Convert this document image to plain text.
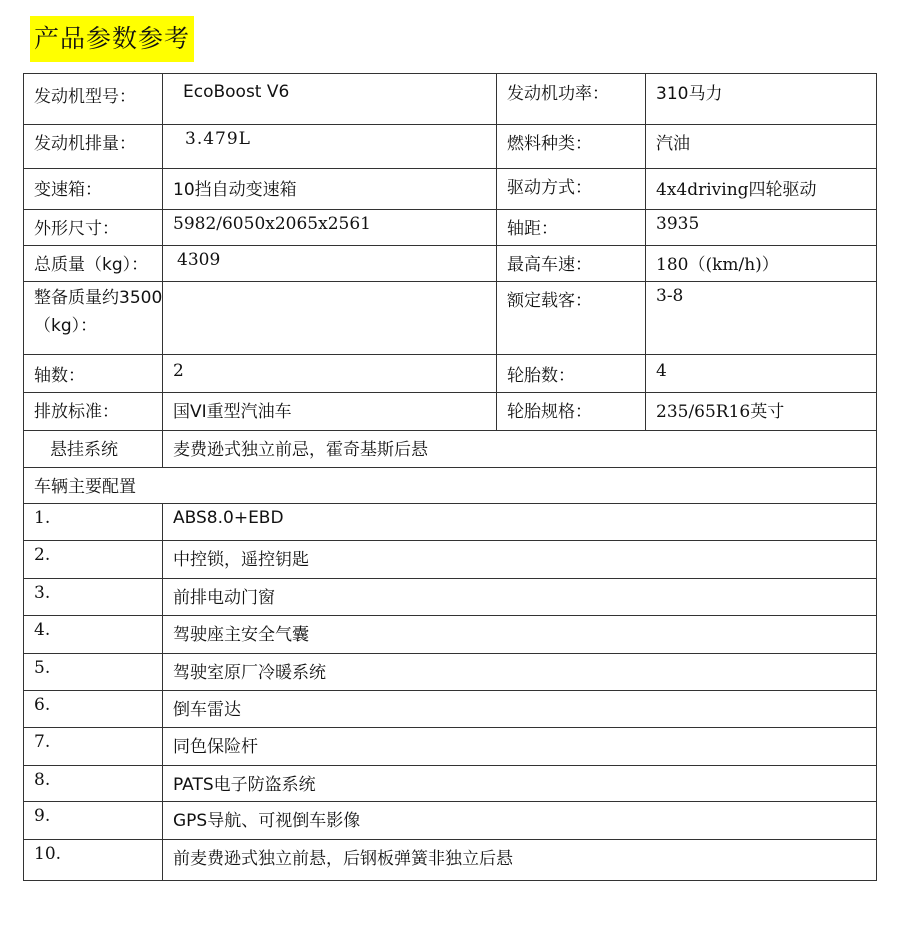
产品参数参考
发动机型号：	EcoBoost V6	发动机功率：	310马力
发动机排量：	3.479L	燃料种类：	汽油
变速箱：	10挡自动变速箱	驱动方式：	4x4driving四轮驱动
外形尺寸：	5982/6050x2065x2561	轴距：	3935
总质量（kg）：	4309	最高车速：	180（(km/h)）
整备质量约3500（kg）：		额定载客：	3-8
轴数：	2	轮胎数：	4
排放标准：	国VI重型汽油车	轮胎规格：	235/65R16英寸
悬挂系统	麦费逊式独立前忌，霍奇基斯后悬		
车辆主要配置			
1.	ABS8.0+EBD		
2.	中控锁，遥控钥匙		
3.	前排电动门窗		
4.	驾驶座主安全气囊		
5.	驾驶室原厂冷暖系统		
6.	倒车雷达		
7.	同色保险杆		
8.	PATS电子防盗系统		
9.	GPS导航、可视倒车影像		
10.	前麦费逊式独立前悬，后钢板弹簧非独立后悬		
